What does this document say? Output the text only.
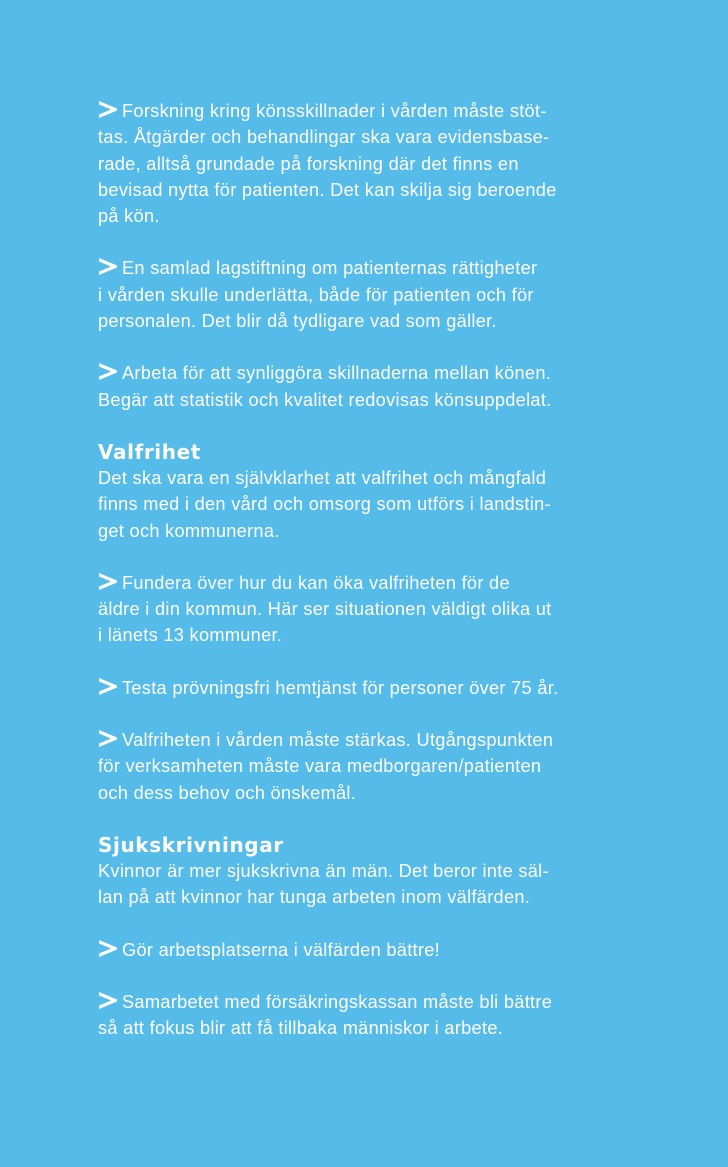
Forskning kring könsskillnader i vården måste stöt-
tas. Åtgärder och behandlingar ska vara evidensbase-
rade, alltså grundade på forskning där det finns en
bevisad nytta för patienten. Det kan skilja sig beroende
på kön.
En samlad lagstiftning om patienternas rättigheter
i vården skulle underlätta, både för patienten och för
personalen. Det blir då tydligare vad som gäller.
Arbeta för att synliggöra skillnaderna mellan könen.
Begär att statistik och kvalitet redovisas könsuppdelat.
Valfrihet
Det ska vara en självklarhet att valfrihet och mångfald
finns med i den vård och omsorg som utförs i landstin-
get och kommunerna.
Fundera över hur du kan öka valfriheten för de
äldre i din kommun. Här ser situationen väldigt olika ut
i länets 13 kommuner.
Testa prövningsfri hemtjänst för personer över 75 år.
Valfriheten i vården måste stärkas. Utgångspunkten
för verksamheten måste vara medborgaren/patienten
och dess behov och önskemål.
Sjukskrivningar
Kvinnor är mer sjukskrivna än män. Det beror inte säl-
lan på att kvinnor har tunga arbeten inom välfärden.
Gör arbetsplatserna i välfärden bättre!
Samarbetet med försäkringskassan måste bli bättre
så att fokus blir att få tillbaka människor i arbete.
